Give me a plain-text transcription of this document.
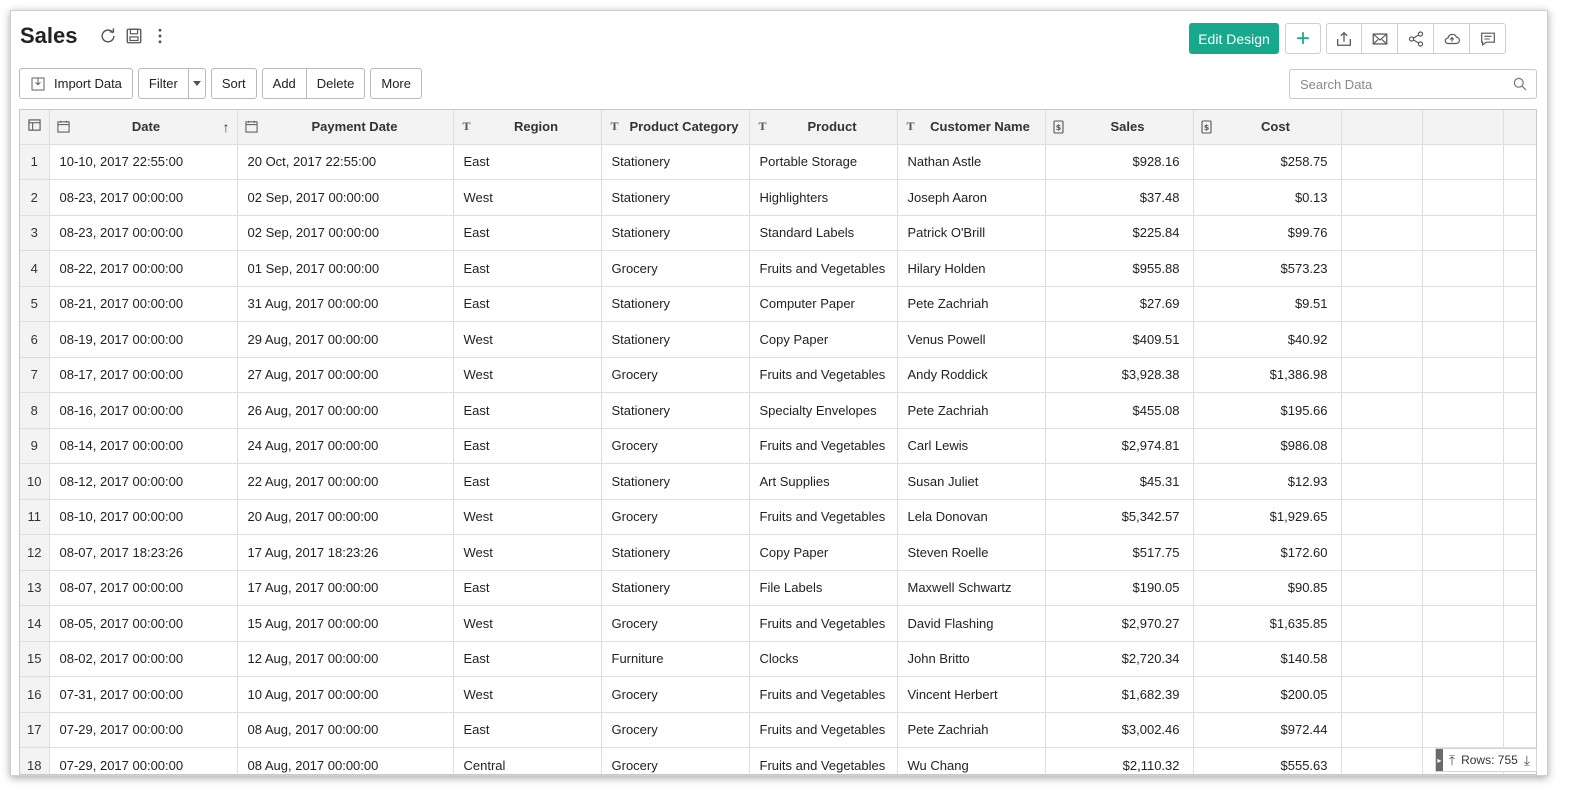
Sales	Edit Design	+
Import Data	Filter	Sort	Add	Delete	More
Search Data

Date ↑	Payment Date	T Region	T Product Category	T Product	T Customer Name	$ Sales	$ Cost			

1	10-10, 2017 22:55:00	20 Oct, 2017 22:55:00	East	Stationery	Portable Storage	Nathan Astle	$928.16	$258.75			
2	08-23, 2017 00:00:00	02 Sep, 2017 00:00:00	West	Stationery	Highlighters	Joseph Aaron	$37.48	$0.13			
3	08-23, 2017 00:00:00	02 Sep, 2017 00:00:00	East	Stationery	Standard Labels	Patrick O'Brill	$225.84	$99.76			
4	08-22, 2017 00:00:00	01 Sep, 2017 00:00:00	East	Grocery	Fruits and Vegetables	Hilary Holden	$955.88	$573.23			
5	08-21, 2017 00:00:00	31 Aug, 2017 00:00:00	East	Stationery	Computer Paper	Pete Zachriah	$27.69	$9.51			
6	08-19, 2017 00:00:00	29 Aug, 2017 00:00:00	West	Stationery	Copy Paper	Venus Powell	$409.51	$40.92			
7	08-17, 2017 00:00:00	27 Aug, 2017 00:00:00	West	Grocery	Fruits and Vegetables	Andy Roddick	$3,928.38	$1,386.98			
8	08-16, 2017 00:00:00	26 Aug, 2017 00:00:00	East	Stationery	Specialty Envelopes	Pete Zachriah	$455.08	$195.66			
9	08-14, 2017 00:00:00	24 Aug, 2017 00:00:00	East	Grocery	Fruits and Vegetables	Carl Lewis	$2,974.81	$986.08			
10	08-12, 2017 00:00:00	22 Aug, 2017 00:00:00	East	Stationery	Art Supplies	Susan Juliet	$45.31	$12.93			
11	08-10, 2017 00:00:00	20 Aug, 2017 00:00:00	West	Grocery	Fruits and Vegetables	Lela Donovan	$5,342.57	$1,929.65			
12	08-07, 2017 18:23:26	17 Aug, 2017 18:23:26	West	Stationery	Copy Paper	Steven Roelle	$517.75	$172.60			
13	08-07, 2017 00:00:00	17 Aug, 2017 00:00:00	East	Stationery	File Labels	Maxwell Schwartz	$190.05	$90.85			
14	08-05, 2017 00:00:00	15 Aug, 2017 00:00:00	West	Grocery	Fruits and Vegetables	David Flashing	$2,970.27	$1,635.85			
15	08-02, 2017 00:00:00	12 Aug, 2017 00:00:00	East	Furniture	Clocks	John Britto	$2,720.34	$140.58			
16	07-31, 2017 00:00:00	10 Aug, 2017 00:00:00	West	Grocery	Fruits and Vegetables	Vincent Herbert	$1,682.39	$200.05			
17	07-29, 2017 00:00:00	08 Aug, 2017 00:00:00	East	Grocery	Fruits and Vegetables	Pete Zachriah	$3,002.46	$972.44			
18	07-29, 2017 00:00:00	08 Aug, 2017 00:00:00	Central	Grocery	Fruits and Vegetables	Wu Chang	$2,110.32	$555.63				▸ ⤒ Rows: 755 ⤓
